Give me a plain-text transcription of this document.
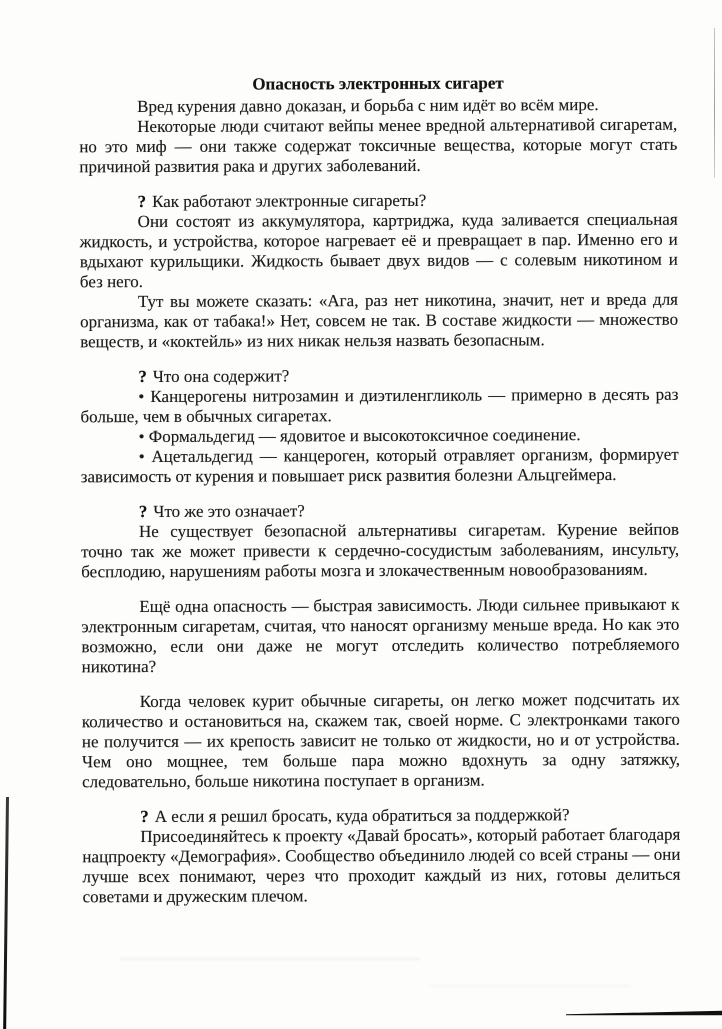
Опасность электронных сигарет

Вред курения давно доказан, и борьба с ним идёт во всём мире.

Некоторые люди считают вейпы менее вредной альтернативой сигаретам, но это миф — они также содержат токсичные вещества, которые могут стать причиной развития рака и других заболеваний.

? Как работают электронные сигареты?

Они состоят из аккумулятора, картриджа, куда заливается специальная жидкость, и устройства, которое нагревает её и превращает в пар. Именно его и вдыхают курильщики. Жидкость бывает двух видов — с солевым никотином и без него.

Тут вы можете сказать: «Ага, раз нет никотина, значит, нет и вреда для организма, как от табака!» Нет, совсем не так. В составе жидкости — множество веществ, и «коктейль» из них никак нельзя назвать безопасным.

? Что она содержит?

• Канцерогены нитрозамин и диэтиленгликоль — примерно в десять раз больше, чем в обычных сигаретах.

• Формальдегид — ядовитое и высокотоксичное соединение.

• Ацетальдегид — канцероген, который отравляет организм, формирует зависимость от курения и повышает риск развития болезни Альцгеймера.

? Что же это означает?

Не существует безопасной альтернативы сигаретам. Курение вейпов точно так же может привести к сердечно-сосудистым заболеваниям, инсульту, бесплодию, нарушениям работы мозга и злокачественным новообразованиям.

Ещё одна опасность — быстрая зависимость. Люди сильнее привыкают к электронным сигаретам, считая, что наносят организму меньше вреда. Но как это возможно, если они даже не могут отследить количество потребляемого никотина?

Когда человек курит обычные сигареты, он легко может подсчитать их количество и остановиться на, скажем так, своей норме. С электронками такого не получится — их крепость зависит не только от жидкости, но и от устройства. Чем оно мощнее, тем больше пара можно вдохнуть за одну затяжку, следовательно, больше никотина поступает в организм.

? А если я решил бросать, куда обратиться за поддержкой?

Присоединяйтесь к проекту «Давай бросать», который работает благодаря нацпроекту «Демография». Сообщество объединило людей со всей страны — они лучше всех понимают, через что проходит каждый из них, готовы делиться советами и дружеским плечом.
